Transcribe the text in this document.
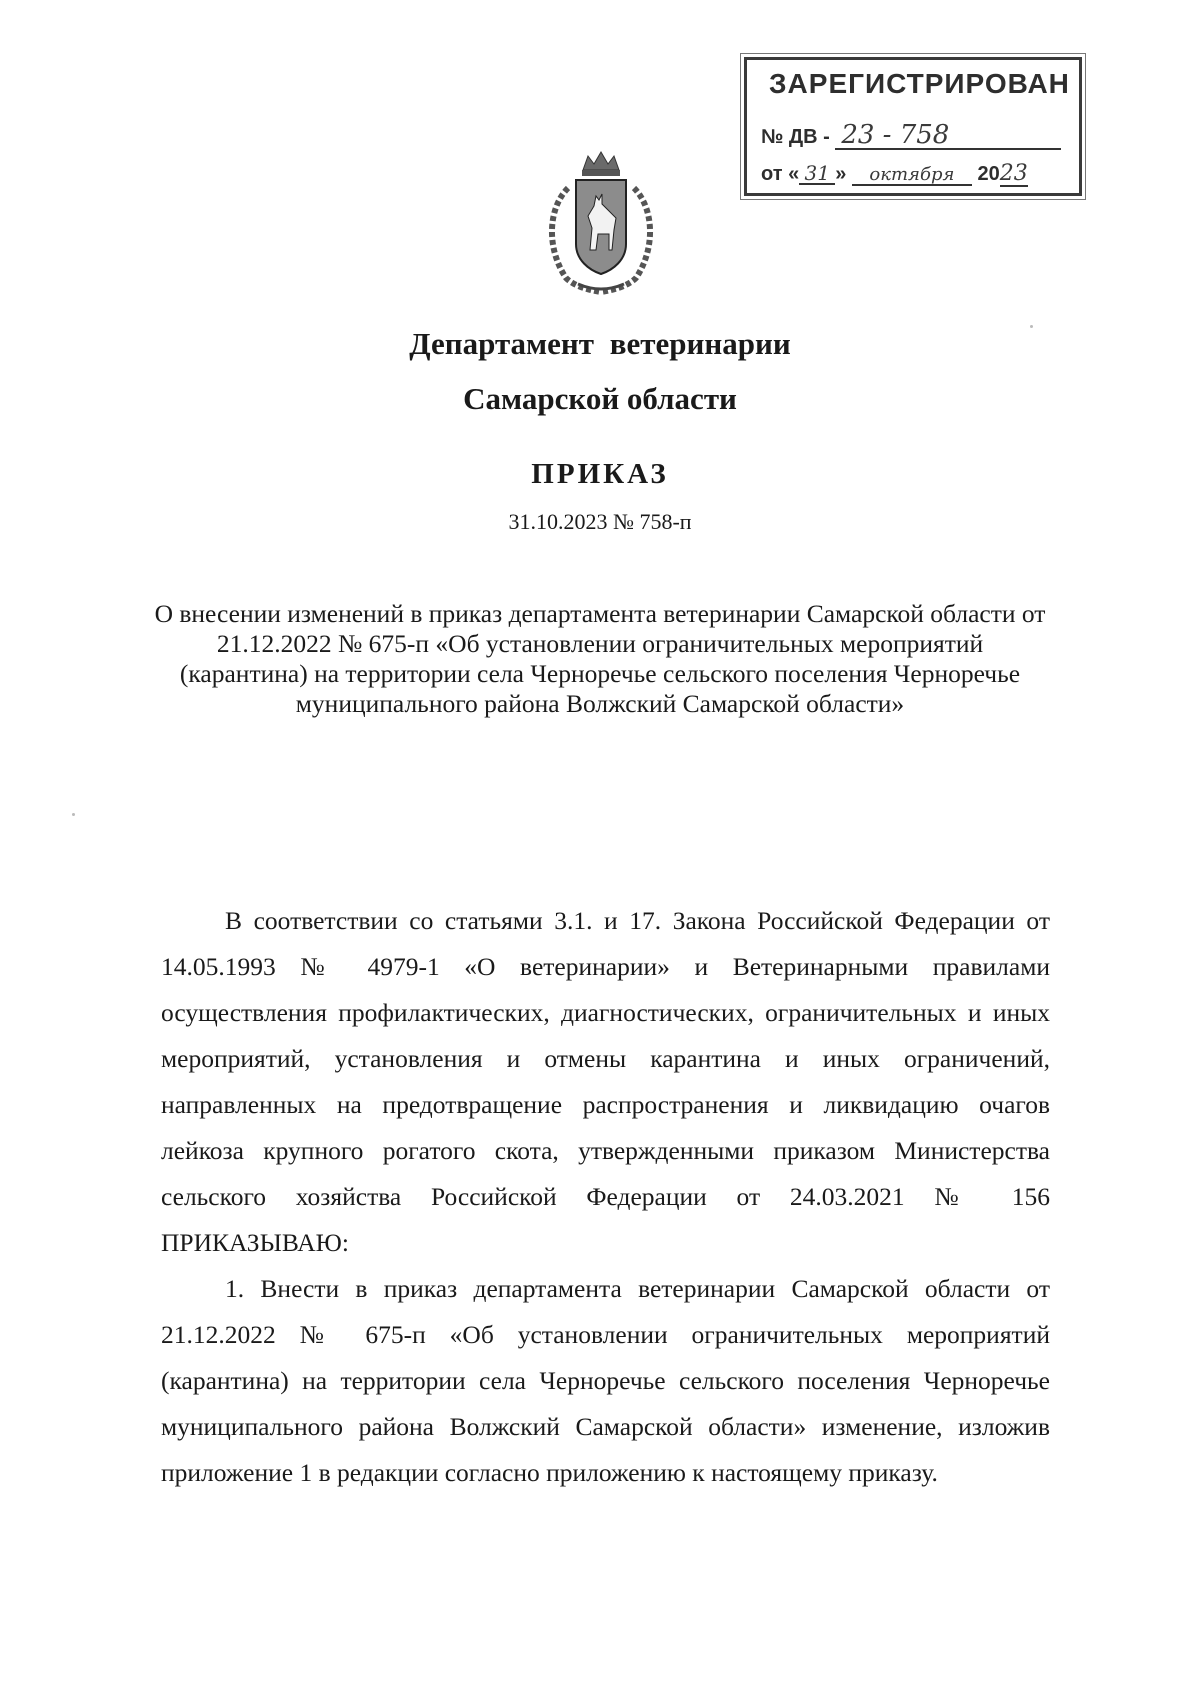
ЗАРЕГИСТРИРОВАН
№ ДВ - 23 - 758
от « 31 » октября 2023
Департамент ветеринарии
Самарской области
ПРИКАЗ
31.10.2023 № 758-п
О внесении изменений в приказ департамента ветеринарии Самарской области от 21.12.2022 № 675-п «Об установлении ограничительных мероприятий (карантина) на территории села Черноречье сельского поселения Черноречье муниципального района Волжский Самарской области»

В соответствии со статьями 3.1. и 17. Закона Российской Федерации от 14.05.1993 № 4979-1 «О ветеринарии» и Ветеринарными правилами осуществления профилактических, диагностических, ограничительных и иных мероприятий, установления и отмены карантина и иных ограничений, направленных на предотвращение распространения и ликвидацию очагов лейкоза крупного рогатого скота, утвержденными приказом Министерства сельского хозяйства Российской Федерации от 24.03.2021 № 156 ПРИКАЗЫВАЮ:

1. Внести в приказ департамента ветеринарии Самарской области от 21.12.2022 № 675-п «Об установлении ограничительных мероприятий (карантина) на территории села Черноречье сельского поселения Черноречье муниципального района Волжский Самарской области» изменение, изложив приложение 1 в редакции согласно приложению к настоящему приказу.
